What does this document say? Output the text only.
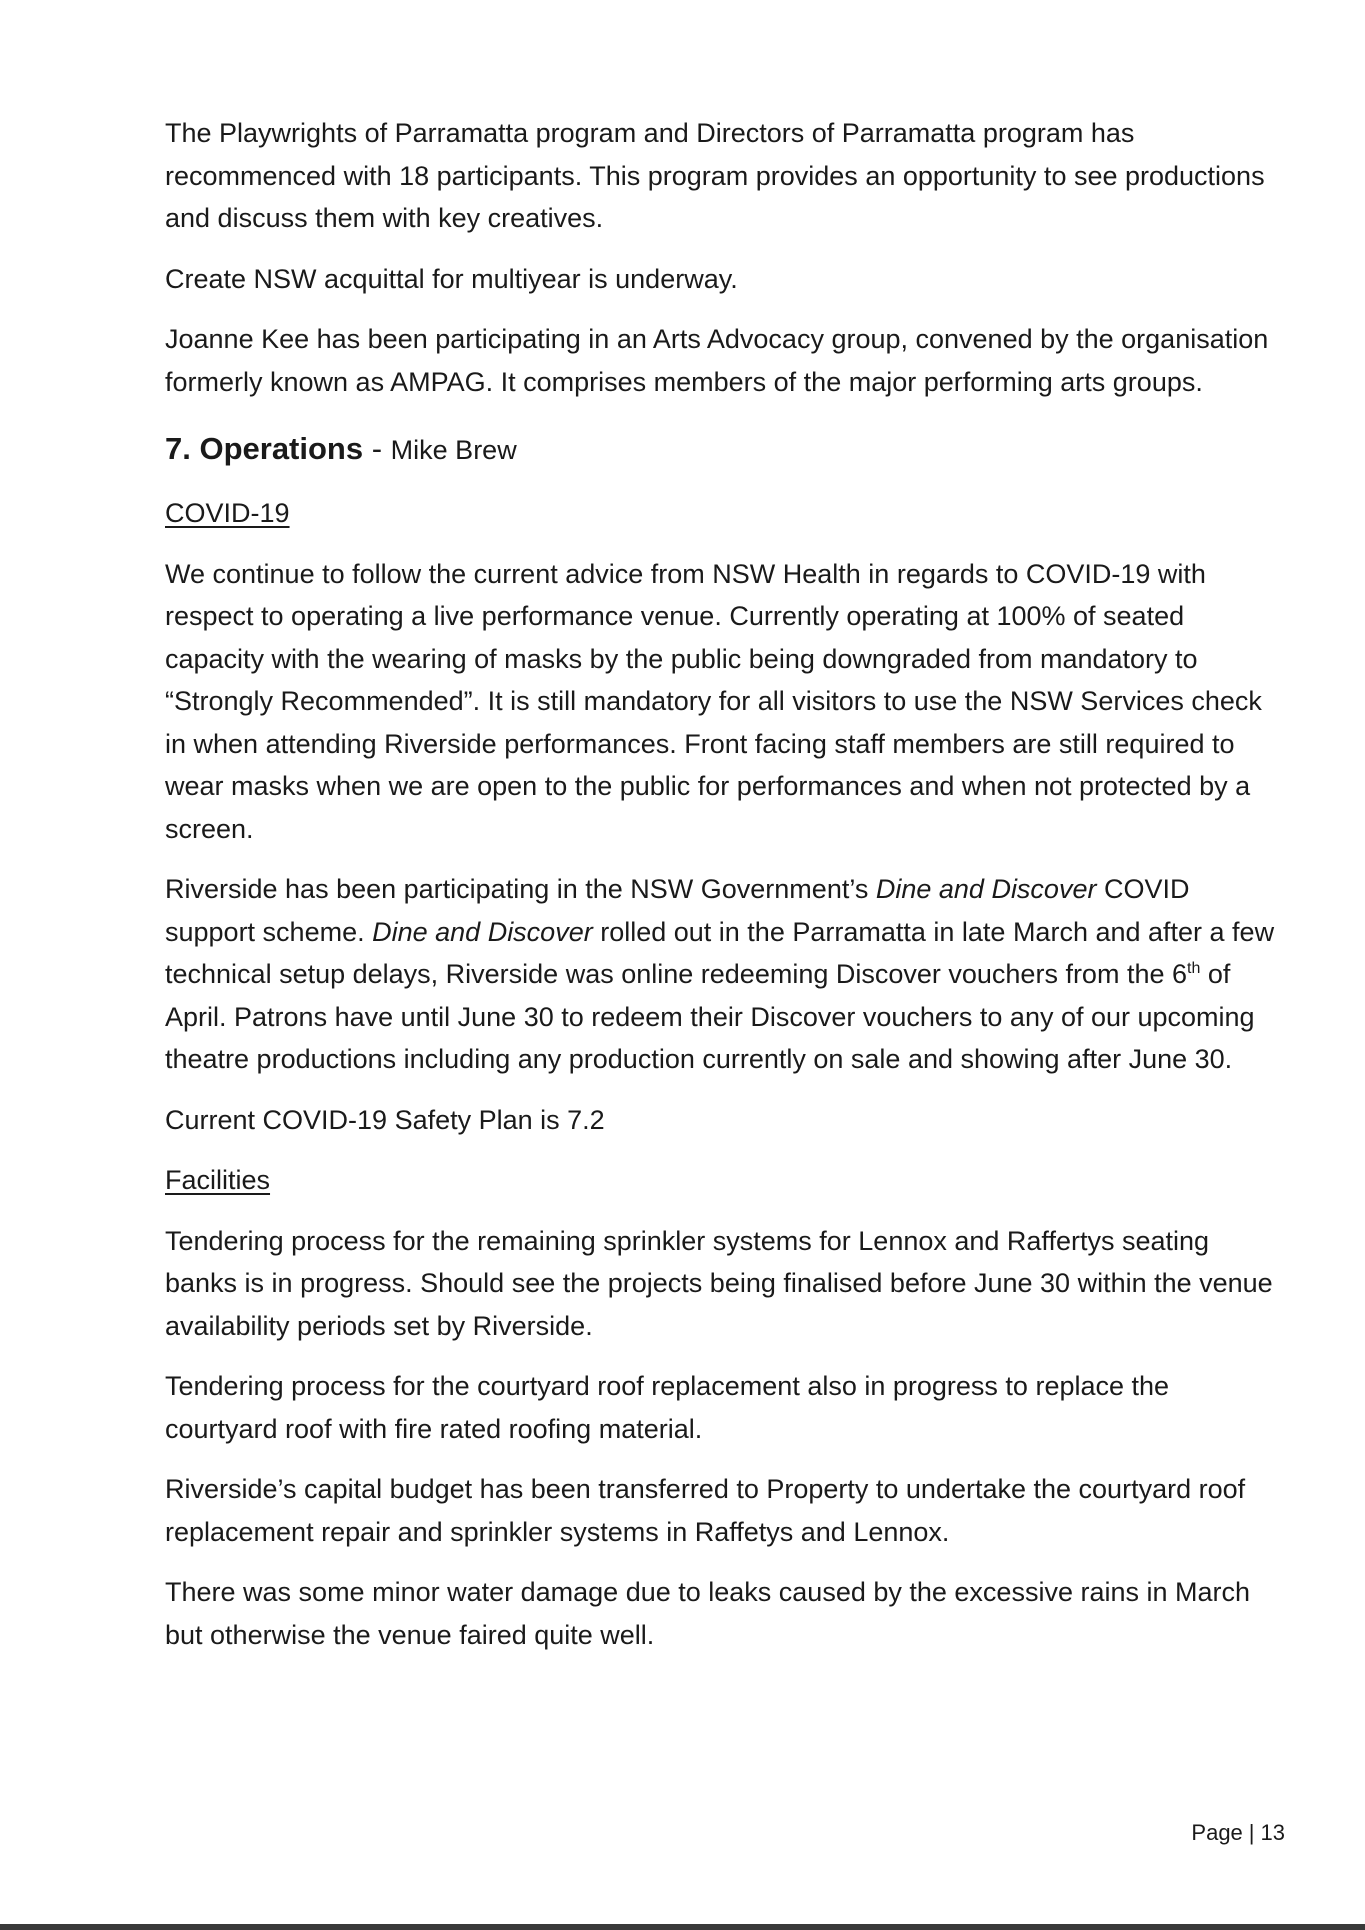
The Playwrights of Parramatta program and Directors of Parramatta program has recommenced with 18 participants. This program provides an opportunity to see productions and discuss them with key creatives.

Create NSW acquittal for multiyear is underway.

Joanne Kee has been participating in an Arts Advocacy group, convened by the organisation formerly known as AMPAG. It comprises members of the major performing arts groups.

7. Operations - Mike Brew

COVID-19

We continue to follow the current advice from NSW Health in regards to COVID-19 with respect to operating a live performance venue. Currently operating at 100% of seated capacity with the wearing of masks by the public being downgraded from mandatory to “Strongly Recommended”. It is still mandatory for all visitors to use the NSW Services check in when attending Riverside performances. Front facing staff members are still required to wear masks when we are open to the public for performances and when not protected by a screen.

Riverside has been participating in the NSW Government’s Dine and Discover COVID support scheme. Dine and Discover rolled out in the Parramatta in late March and after a few technical setup delays, Riverside was online redeeming Discover vouchers from the 6th of April. Patrons have until June 30 to redeem their Discover vouchers to any of our upcoming theatre productions including any production currently on sale and showing after June 30.

Current COVID-19 Safety Plan is 7.2

Facilities

Tendering process for the remaining sprinkler systems for Lennox and Raffertys seating banks is in progress. Should see the projects being finalised before June 30 within the venue availability periods set by Riverside.

Tendering process for the courtyard roof replacement also in progress to replace the courtyard roof with fire rated roofing material.

Riverside’s capital budget has been transferred to Property to undertake the courtyard roof replacement repair and sprinkler systems in Raffetys and Lennox.

There was some minor water damage due to leaks caused by the excessive rains in March but otherwise the venue faired quite well.

Page | 13
